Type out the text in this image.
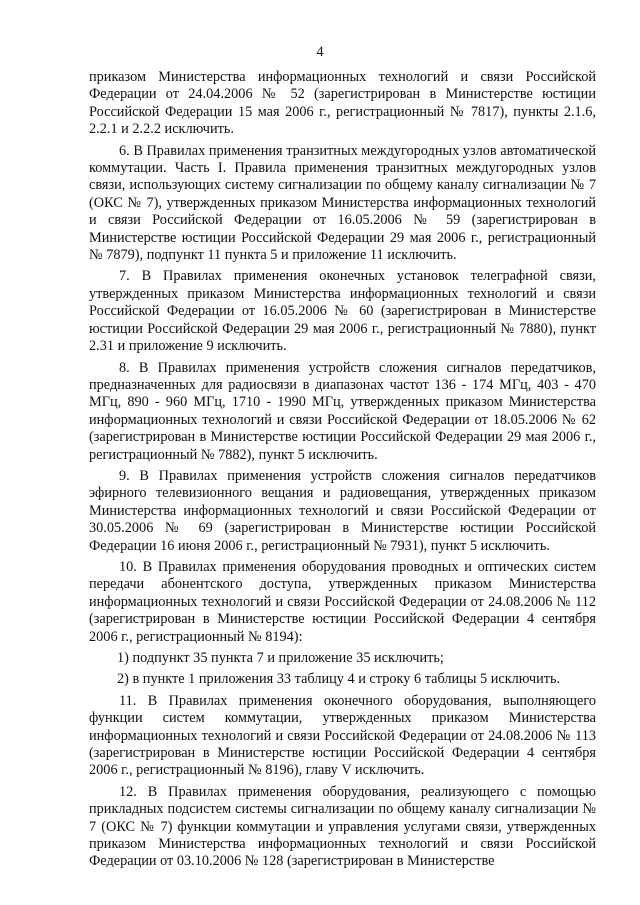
4

приказом Министерства информационных технологий и связи Российской Федерации от 24.04.2006 № 52 (зарегистрирован в Министерстве юстиции Российской Федерации 15 мая 2006 г., регистрационный № 7817), пункты 2.1.6, 2.2.1 и 2.2.2 исключить.

6. В Правилах применения транзитных междугородных узлов автоматической коммутации. Часть I. Правила применения транзитных междугородных узлов связи, использующих систему сигнализации по общему каналу сигнализации № 7 (ОКС № 7), утвержденных приказом Министерства информационных технологий и связи Российской Федерации от 16.05.2006 № 59 (зарегистрирован в Министерстве юстиции Российской Федерации 29 мая 2006 г., регистрационный № 7879), подпункт 11 пункта 5 и приложение 11 исключить.

7. В Правилах применения оконечных установок телеграфной связи, утвержденных приказом Министерства информационных технологий и связи Российской Федерации от 16.05.2006 № 60 (зарегистрирован в Министерстве юстиции Российской Федерации 29 мая 2006 г., регистрационный № 7880), пункт 2.31 и приложение 9 исключить.

8. В Правилах применения устройств сложения сигналов передатчиков, предназначенных для радиосвязи в диапазонах частот 136 - 174 МГц, 403 - 470 МГц, 890 - 960 МГц, 1710 - 1990 МГц, утвержденных приказом Министерства информационных технологий и связи Российской Федерации от 18.05.2006 № 62 (зарегистрирован в Министерстве юстиции Российской Федерации 29 мая 2006 г., регистрационный № 7882), пункт 5 исключить.

9. В Правилах применения устройств сложения сигналов передатчиков эфирного телевизионного вещания и радиовещания, утвержденных приказом Министерства информационных технологий и связи Российской Федерации от 30.05.2006 № 69 (зарегистрирован в Министерстве юстиции Российской Федерации 16 июня 2006 г., регистрационный № 7931), пункт 5 исключить.

10. В Правилах применения оборудования проводных и оптических систем передачи абонентского доступа, утвержденных приказом Министерства информационных технологий и связи Российской Федерации от 24.08.2006 № 112 (зарегистрирован в Министерстве юстиции Российской Федерации 4 сентября 2006 г., регистрационный № 8194):

1) подпункт 35 пункта 7 и приложение 35 исключить;

2) в пункте 1 приложения 33 таблицу 4 и строку 6 таблицы 5 исключить.

11. В Правилах применения оконечного оборудования, выполняющего функции систем коммутации, утвержденных приказом Министерства информационных технологий и связи Российской Федерации от 24.08.2006 № 113 (зарегистрирован в Министерстве юстиции Российской Федерации 4 сентября 2006 г., регистрационный № 8196), главу V исключить.

12. В Правилах применения оборудования, реализующего с помощью прикладных подсистем системы сигнализации по общему каналу сигнализации № 7 (ОКС № 7) функции коммутации и управления услугами связи, утвержденных приказом Министерства информационных технологий и связи Российской Федерации от 03.10.2006 № 128 (зарегистрирован в Министерстве
